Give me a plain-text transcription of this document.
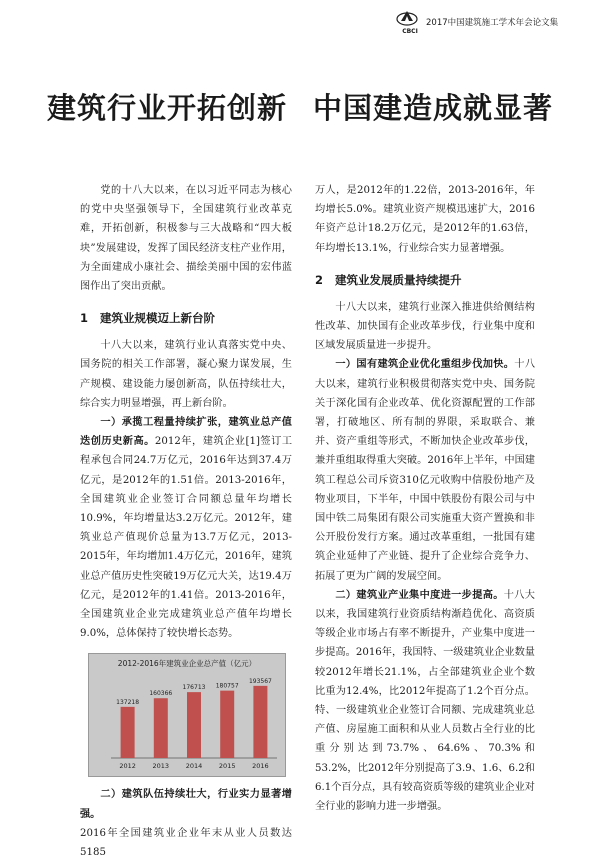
CBCI
2017中国建筑施工学术年会论文集
建筑行业开拓创新 中国建造成就显著

党的十八大以来，在以习近平同志为核心的党中央坚强领导下，全国建筑行业改革克难，开拓创新，积极参与三大战略和“四大板块”发展建设，发挥了国民经济支柱产业作用，为全面建成小康社会、描绘美丽中国的宏伟蓝图作出了突出贡献。

1 建筑业规模迈上新台阶

十八大以来，建筑行业认真落实党中央、国务院的相关工作部署，凝心聚力谋发展，生产规模、建设能力屡创新高，队伍持续壮大，综合实力明显增强，再上新台阶。

一）承揽工程量持续扩张，建筑业总产值迭创历史新高。2012年，建筑企业[1]签订工程承包合同24.7万亿元，2016年达到37.4万亿元，是2012年的1.51倍。2013-2016年，全国建筑业企业签订合同额总量年均增长10.9%，年均增量达3.2万亿元。2012年，建筑业总产值现价总量为13.7万亿元，2013-2015年，年均增加1.4万亿元，2016年，建筑业总产值历史性突破19万亿元大关，达19.4万亿元，是2012年的1.41倍。2013-2016年，全国建筑业企业完成建筑业总产值年均增长9.0%，总体保持了较快增长态势。

2012-2016年建筑业企业总产值（亿元）
137218
2012
160366
2013
176713
2014
180757
2015
193567
2016

二）建筑队伍持续壮大，行业实力显著增强。

2016年全国建筑业企业年末从业人员数达5185

万人，是2012年的1.22倍，2013-2016年，年均增长5.0%。建筑业资产规模迅速扩大，2016年资产总计18.2万亿元，是2012年的1.63倍，年均增长13.1%，行业综合实力显著增强。

2 建筑业发展质量持续提升

十八大以来，建筑行业深入推进供给侧结构性改革、加快国有企业改革步伐，行业集中度和区域发展质量进一步提升。

一）国有建筑企业优化重组步伐加快。十八大以来，建筑行业积极贯彻落实党中央、国务院关于深化国有企业改革、优化资源配置的工作部署，打破地区、所有制的界限，采取联合、兼并、资产重组等形式，不断加快企业改革步伐，兼并重组取得重大突破。2016年上半年，中国建筑工程总公司斥资310亿元收购中信股份地产及物业项目，下半年，中国中铁股份有限公司与中国中铁二局集团有限公司实施重大资产置换和非公开股份发行方案。通过改革重组，一批国有建筑企业延伸了产业链、提升了企业综合竞争力、拓展了更为广阔的发展空间。

二）建筑业产业集中度进一步提高。十八大以来，我国建筑行业资质结构渐趋优化、高资质等级企业市场占有率不断提升，产业集中度进一步提高。2016年，我国特、一级建筑业企业数量较2012年增长21.1%，占全部建筑业企业个数比重为12.4%，比2012年提高了1.2个百分点。特、一级建筑业企业签订合同额、完成建筑业总产值、房屋施工面积和从业人员数占全行业的比重分别达到73.7%、64.6%、70.3%和53.2%，比2012年分别提高了3.9、1.6、6.2和6.1个百分点，具有较高资质等级的建筑业企业对全行业的影响力进一步增强。
